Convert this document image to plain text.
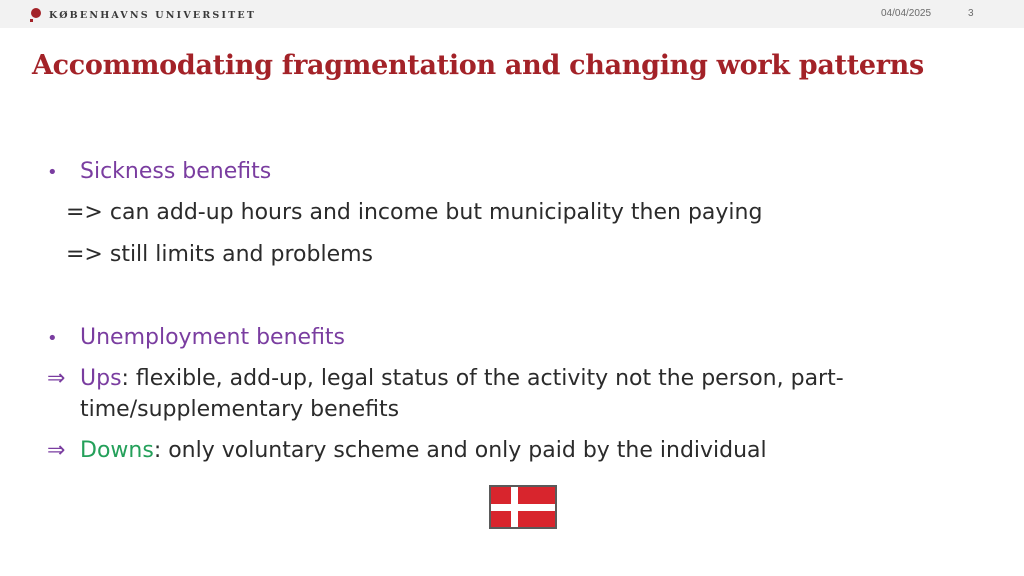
KØBENHAVNS UNIVERSITET	04/04/2025	3
Accommodating fragmentation and changing work patterns
• Sickness benefits
=> can add-up hours and income but municipality then paying
=> still limits and problems
• Unemployment benefits
⇒ Ups: flexible, add-up, legal status of the activity not the person, part-
time/supplementary benefits
⇒ Downs: only voluntary scheme and only paid by the individual
